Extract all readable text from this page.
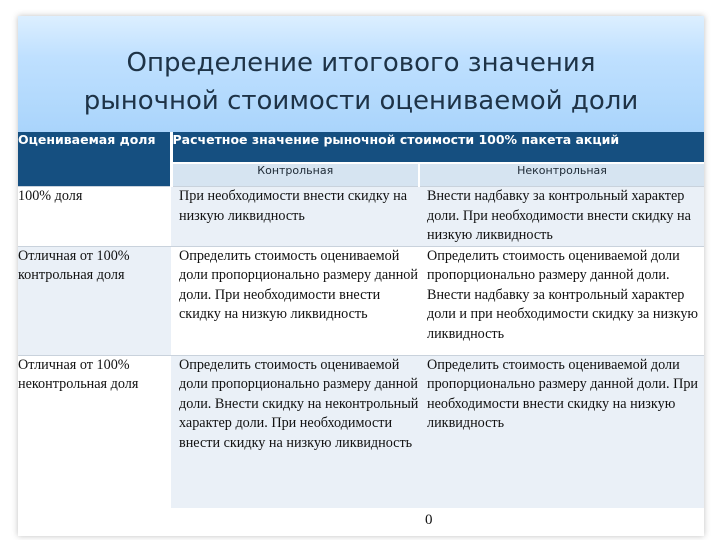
Определение итогового значения
рыночной стоимости оцениваемой доли
Оцениваемая доля	Расчетное значение рыночной стоимости 100% пакета акций	
	Контрольная	Неконтрольная
100% доля	При необходимости внести скидку на низкую ликвидность	Внести надбавку за контрольный характер доли. При необходимости внести скидку на низкую ликвидность
Отличная от 100% контрольная доля	Определить стоимость оцениваемой доли пропорционально размеру данной доли. При необходимости внести скидку на низкую ликвидность	Определить стоимость оцениваемой доли пропорционально размеру данной доли. Внести надбавку за контрольный характер доли и при необходимости скидку за низкую ликвидность
Отличная от 100% неконтрольная доля	Определить стоимость оцениваемой доли пропорционально размеру данной доли. Внести скидку на неконтрольный характер доли. При необходимости внести скидку на низкую ликвидность	Определить стоимость оцениваемой доли пропорционально размеру данной доли. При необходимости внести скидку на низкую ликвидность
0
